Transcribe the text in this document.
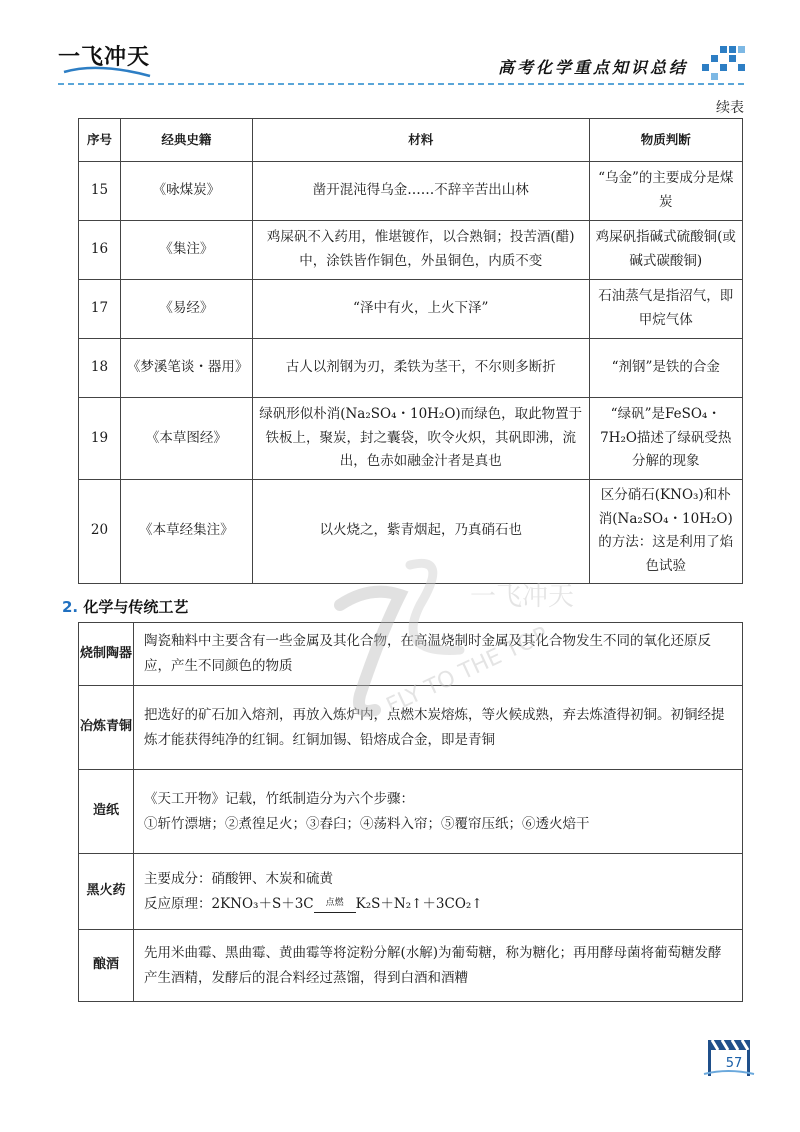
一飞冲天	高考化学重点知识总结
续表
序号	经典史籍	材料	物质判断
15	《咏煤炭》	凿开混沌得乌金……不辞辛苦出山林	“乌金”的主要成分是煤炭
16	《集注》	鸡屎矾不入药用，惟堪镀作，以合熟铜；投苦酒(醋)中，涂铁皆作铜色，外虽铜色，内质不变	鸡屎矾指碱式硫酸铜(或碱式碳酸铜)
17	《易经》	“泽中有火，上火下泽”	石油蒸气是指沼气，即甲烷气体
18	《梦溪笔谈・器用》	古人以剂钢为刃，柔铁为茎干，不尔则多断折	“剂钢”是铁的合金
19	《本草图经》	绿矾形似朴消(Na₂SO₄・10H₂O)而绿色，取此物置于铁板上，聚炭，封之囊袋，吹令火炽，其矾即沸，流出，色赤如融金汁者是真也	“绿矾”是FeSO₄・7H₂O描述了绿矾受热分解的现象
20	《本草经集注》	以火烧之，紫青烟起，乃真硝石也	区分硝石(KNO₃)和朴消(Na₂SO₄・10H₂O)的方法：这是利用了焰色试验
2. 化学与传统工艺
烧制陶器	陶瓷釉料中主要含有一些金属及其化合物，在高温烧制时金属及其化合物发生不同的氧化还原反应，产生不同颜色的物质
冶炼青铜	把选好的矿石加入熔剂，再放入炼炉内，点燃木炭熔炼，等火候成熟，弃去炼渣得初铜。初铜经提炼才能获得纯净的红铜。红铜加锡、铅熔成合金，即是青铜
造纸	《天工开物》记载，竹纸制造分为六个步骤：
①斩竹漂塘；②煮徨足火；③舂臼；④荡料入帘；⑤覆帘压纸；⑥透火焙干

黑火药	主要成分：硝酸钾、木炭和硫黄
反应原理：2KNO₃＋S＋3C 点燃 K₂S＋N₂↑＋3CO₂↑

酿酒	先用米曲霉、黑曲霉、黄曲霉等将淀粉分解(水解)为葡萄糖，称为糖化；再用酵母菌将葡萄糖发酵产生酒精，发酵后的混合料经过蒸馏，得到白酒和酒糟
一飞冲天
FLY TO THE TOP
57
